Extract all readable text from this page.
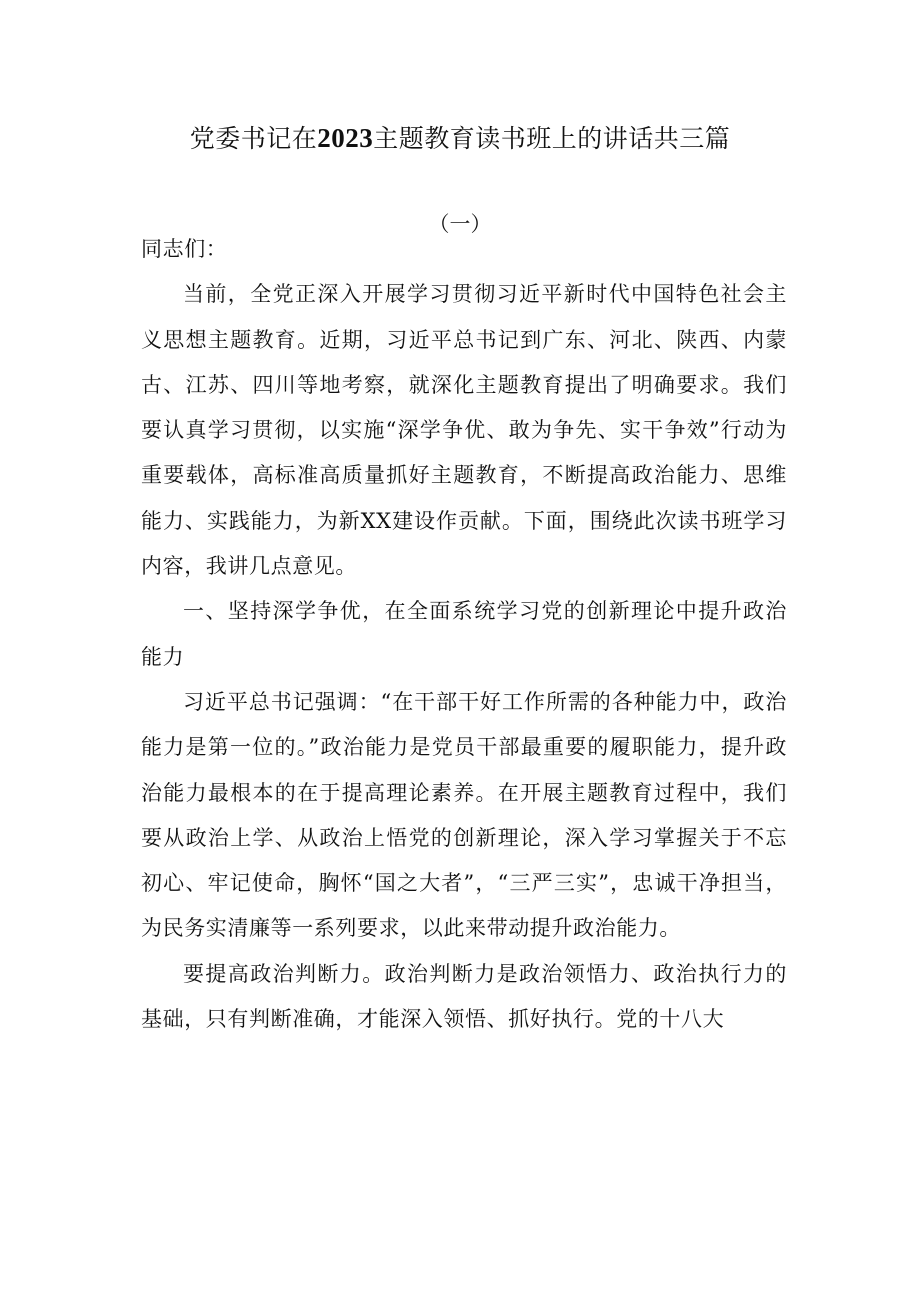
党委书记在2023主题教育读书班上的讲话共三篇
（一）

同志们：

当前，全党正深入开展学习贯彻习近平新时代中国特色社会主义思想主题教育。近期，习近平总书记到广东、河北、陕西、内蒙古、江苏、四川等地考察，就深化主题教育提出了明确要求。我们要认真学习贯彻，以实施“深学争优、敢为争先、实干争效”行动为重要载体，高标准高质量抓好主题教育，不断提高政治能力、思维能力、实践能力，为新XX建设作贡献。下面，围绕此次读书班学习内容，我讲几点意见。

一、坚持深学争优，在全面系统学习党的创新理论中提升政治能力

习近平总书记强调：“在干部干好工作所需的各种能力中，政治能力是第一位的。”政治能力是党员干部最重要的履职能力，提升政治能力最根本的在于提高理论素养。在开展主题教育过程中，我们要从政治上学、从政治上悟党的创新理论，深入学习掌握关于不忘初心、牢记使命，胸怀“国之大者”，“三严三实”，忠诚干净担当，为民务实清廉等一系列要求，以此来带动提升政治能力。

要提高政治判断力。政治判断力是政治领悟力、政治执行力的基础，只有判断准确，才能深入领悟、抓好执行。党的十八大
